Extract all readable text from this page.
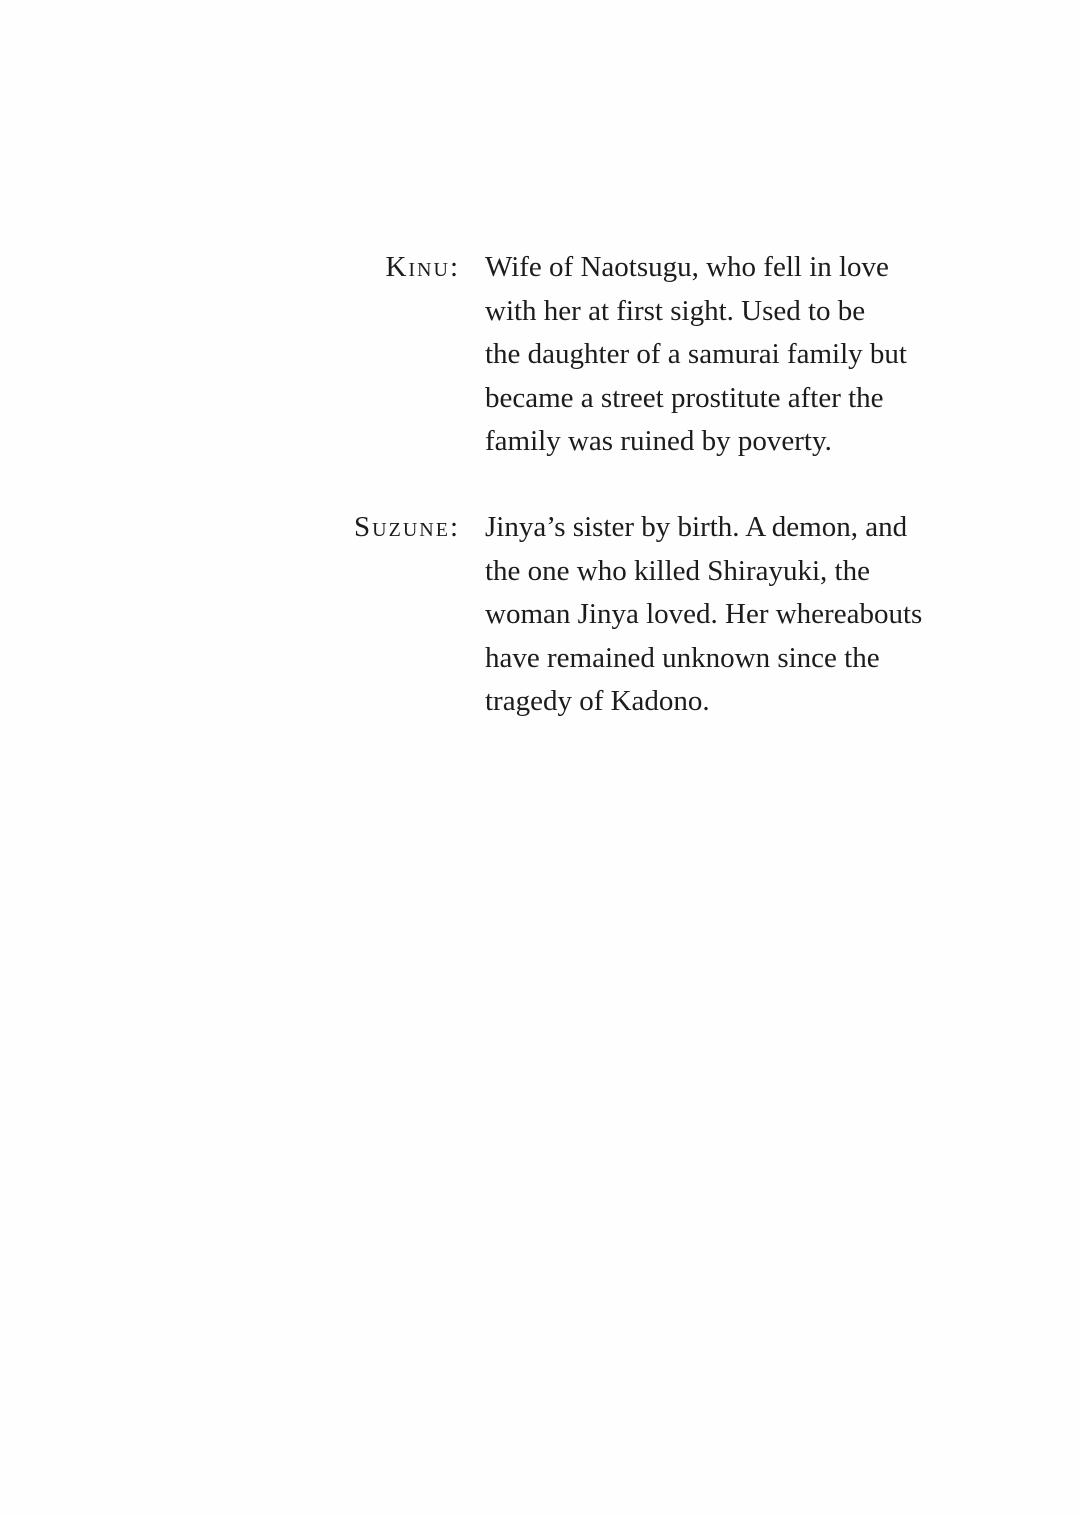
Kinu: Wife of Naotsugu, who fell in love
with her at first sight. Used to be
the daughter of a samurai family but
became a street prostitute after the
family was ruined by poverty.
Suzune: Jinya’s sister by birth. A demon, and
the one who killed Shirayuki, the
woman Jinya loved. Her whereabouts
have remained unknown since the
tragedy of Kadono.
